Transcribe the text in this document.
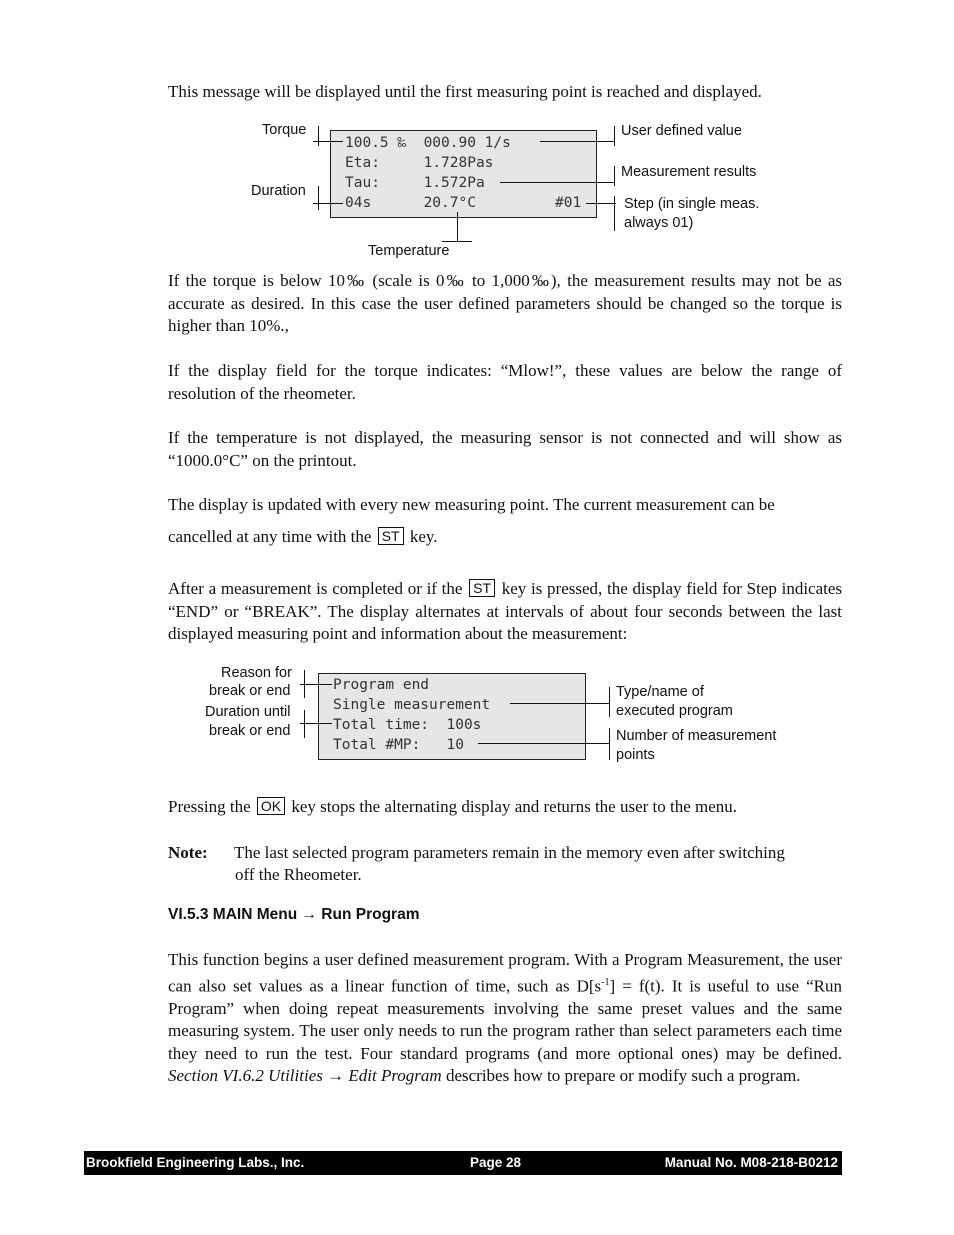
This message will be displayed until the first measuring point is reached and displayed.

100.5 ‰  000.90 1/s
Eta:     1.728Pas
Tau:     1.572Pa
04s      20.7°C	#01
Torque
Duration
Temperature
User defined value
Measurement results
Step (in single meas.
always 01)

If the torque is below 10‰ (scale is 0‰ to 1,000‰), the measurement results may not be as accurate as desired. In this case the user defined parameters should be changed so the torque is higher than 10%.,

If the display field for the torque indicates: “Mlow!”, these values are below the range of resolution of the rheometer.

If the temperature is not displayed, the measuring sensor is not connected and will show as “1000.0°C” on the printout.

The display is updated with every new measuring point. The current measurement can be
cancelled at any time with the ST key.

After a measurement is completed or if the ST key is pressed, the display field for Step indicates “END” or “BREAK”. The display alternates at intervals of about four seconds between the last displayed measuring point and information about the measurement:

Program end
Single measurement
Total time:  100s
Total #MP:   10
Reason for
break or end
Duration until
break or end
Type/name of
executed program
Number of measurement
points

Pressing the OK key stops the alternating display and returns the user to the menu.

Note: The last selected program parameters remain in the memory even after switching
off the Rheometer.
VI.5.3 MAIN Menu → Run Program

This function begins a user defined measurement program. With a Program Measurement, the user can also set values as a linear function of time, such as $D[s^{-1}] = f(t)$. It is useful to use “Run Program” when doing repeat measurements involving the same preset values and the same measuring system. The user only needs to run the program rather than select parameters each time they need to run the test. Four standard programs (and more optional ones) may be defined. Section VI.6.2 Utilities → Edit Program describes how to prepare or modify such a program.

Brookfield Engineering Labs., Inc.	Page 28	Manual No. M08-218-B0212
